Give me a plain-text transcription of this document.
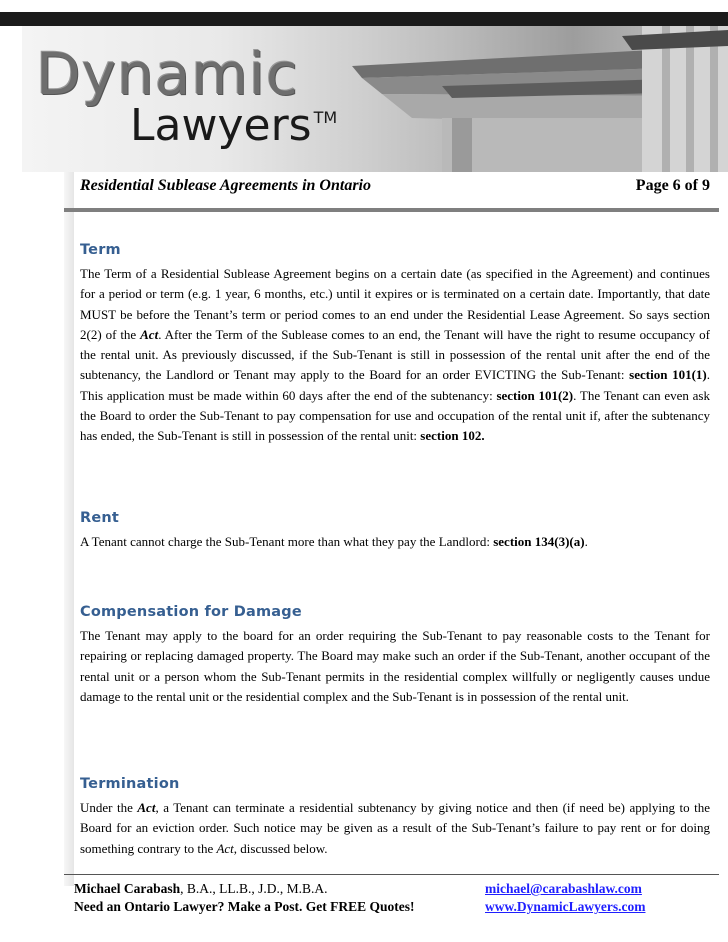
Dynamic
Lawyers ™
Residential Sublease Agreements in Ontario	Page 6 of 9
Term

The Term of a Residential Sublease Agreement begins on a certain date (as specified in the Agreement) and continues for a period or term (e.g. 1 year, 6 months, etc.) until it expires or is terminated on a certain date. Importantly, that date MUST be before the Tenant’s term or period comes to an end under the Residential Lease Agreement. So says section 2(2) of the Act. After the Term of the Sublease comes to an end, the Tenant will have the right to resume occupancy of the rental unit. As previously discussed, if the Sub-Tenant is still in possession of the rental unit after the end of the subtenancy, the Landlord or Tenant may apply to the Board for an order EVICTING the Sub-Tenant: section 101(1). This application must be made within 60 days after the end of the subtenancy: section 101(2). The Tenant can even ask the Board to order the Sub-Tenant to pay compensation for use and occupation of the rental unit if, after the subtenancy has ended, the Sub-Tenant is still in possession of the rental unit: section 102.

Rent

A Tenant cannot charge the Sub-Tenant more than what they pay the Landlord: section 134(3)(a).

Compensation for Damage

The Tenant may apply to the board for an order requiring the Sub-Tenant to pay reasonable costs to the Tenant for repairing or replacing damaged property. The Board may make such an order if the Sub-Tenant, another occupant of the rental unit or a person whom the Sub-Tenant permits in the residential complex willfully or negligently causes undue damage to the rental unit or the residential complex and the Sub-Tenant is in possession of the rental unit.

Termination

Under the Act, a Tenant can terminate a residential subtenancy by giving notice and then (if need be) applying to the Board for an eviction order. Such notice may be given as a result of the Sub-Tenant’s failure to pay rent or for doing something contrary to the Act, discussed below.

Michael Carabash, B.A., LL.B., J.D., M.B.A.
Need an Ontario Lawyer? Make a Post. Get FREE Quotes!
michael@carabashlaw.com
www.DynamicLawyers.com
